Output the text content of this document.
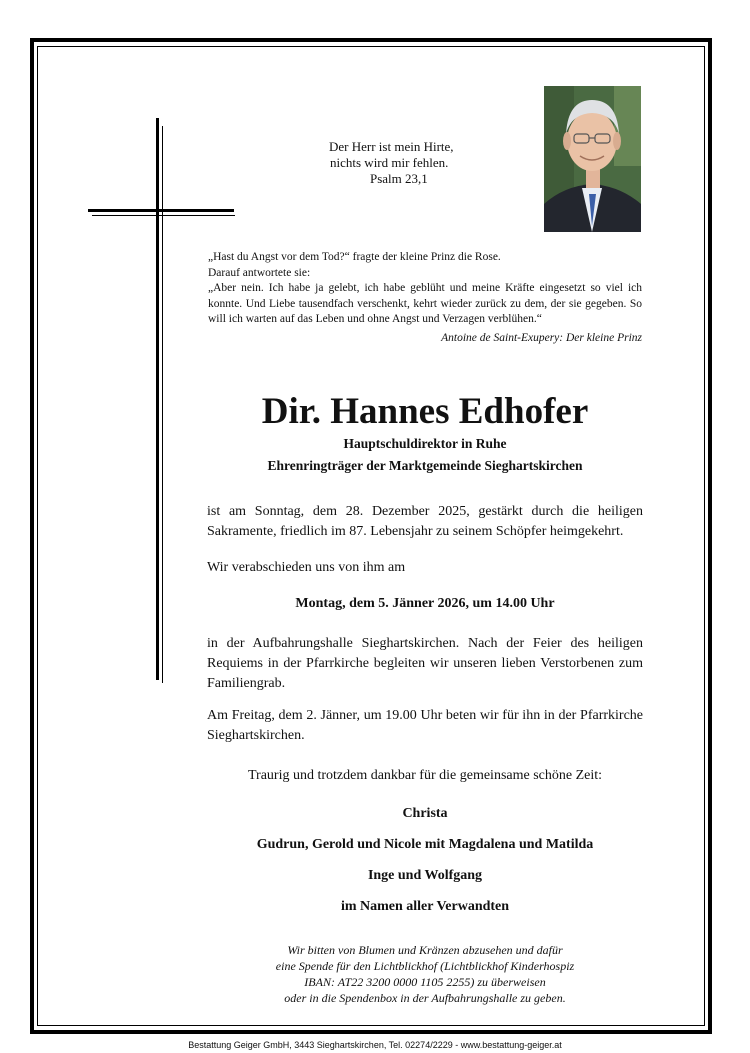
Der Herr ist mein Hirte,
nichts wird mir fehlen.
Psalm 23,1

„Hast du Angst vor dem Tod?“ fragte der kleine Prinz die Rose.

Darauf antwortete sie:

„Aber nein. Ich habe ja gelebt, ich habe geblüht und meine Kräfte eingesetzt so viel ich konnte. Und Liebe tausendfach verschenkt, kehrt wieder zurück zu dem, der sie gegeben. So will ich warten auf das Leben und ohne Angst und Verzagen verblühen.“

Antoine de Saint-Exupery: Der kleine Prinz

Dir. Hannes Edhofer
Hauptschuldirektor in Ruhe
Ehrenringträger der Marktgemeinde Sieghartskirchen
ist am Sonntag, dem 28. Dezember 2025, gestärkt durch die heiligen Sakramente, friedlich im 87. Lebensjahr zu seinem Schöpfer heimgekehrt.
Wir verabschieden uns von ihm am
Montag, dem 5. Jänner 2026, um 14.00 Uhr
in der Aufbahrungshalle Sieghartskirchen. Nach der Feier des heiligen Requiems in der Pfarrkirche begleiten wir unseren lieben Verstorbenen zum Familiengrab.
Am Freitag, dem 2. Jänner, um 19.00 Uhr beten wir für ihn in der Pfarrkirche Sieghartskirchen.
Traurig und trotzdem dankbar für die gemeinsame schöne Zeit:
Christa
Gudrun, Gerold und Nicole mit Magdalena und Matilda
Inge und Wolfgang
im Namen aller Verwandten
Wir bitten von Blumen und Kränzen abzusehen und dafür
eine Spende für den Lichtblickhof (Lichtblickhof Kinderhospiz
IBAN: AT22 3200 0000 1105 2255) zu überweisen
oder in die Spendenbox in der Aufbahrungshalle zu geben.
Bestattung Geiger GmbH, 3443 Sieghartskirchen, Tel. 02274/2229 - www.bestattung-geiger.at
